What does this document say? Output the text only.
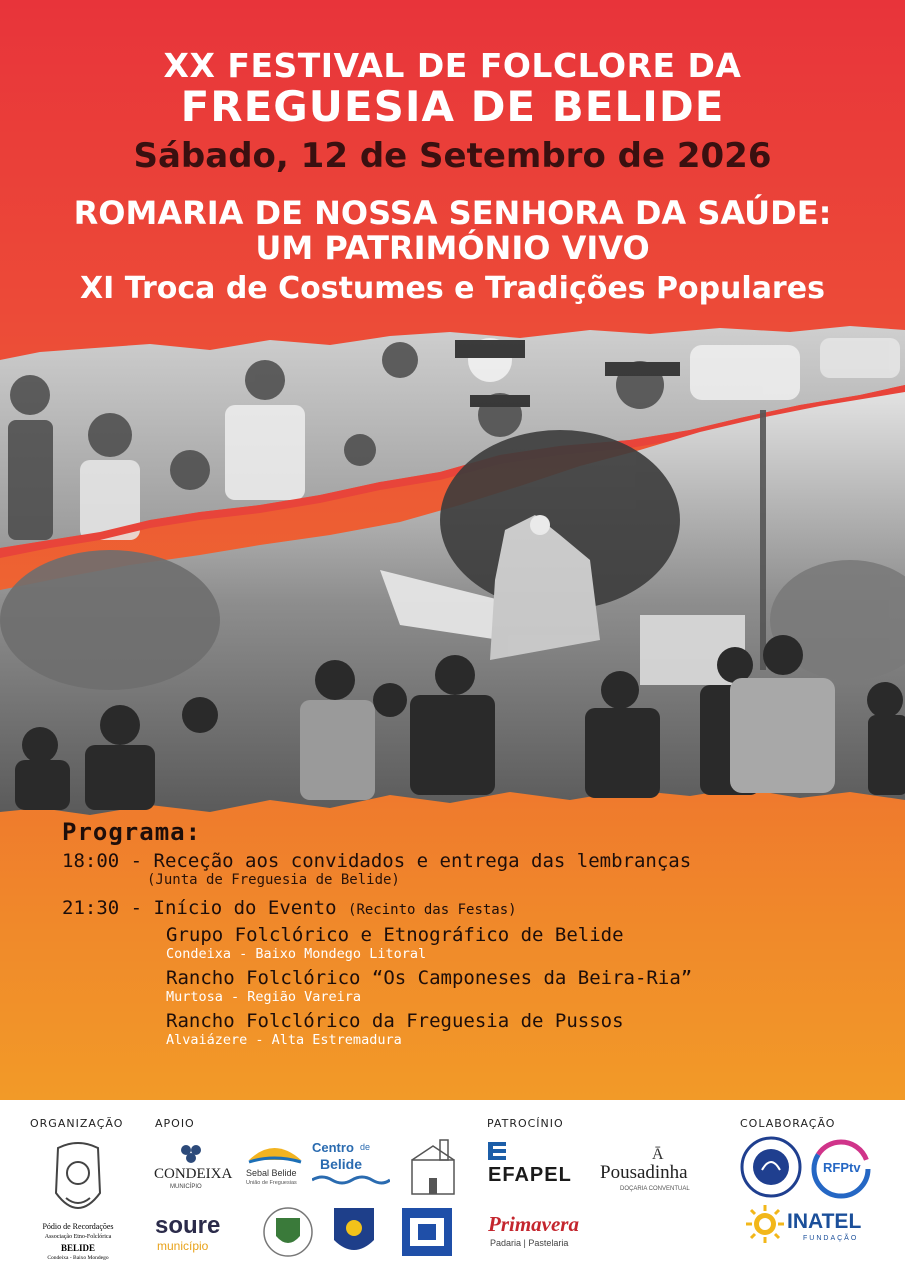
XX FESTIVAL DE FOLCLORE DA
FREGUESIA DE BELIDE
Sábado, 12 de Setembro de 2026
ROMARIA DE NOSSA SENHORA DA SAÚDE:
UM PATRIMÓNIO VIVO
XI Troca de Costumes e Tradições Populares
Programa:
18:00 - Receção aos convidados e entrega das lembranças
(Junta de Freguesia de Belide)
21:30 - Início do Evento (Recinto das Festas)
Grupo Folclórico e Etnográfico de Belide
Condeixa - Baixo Mondego Litoral
Rancho Folclórico “Os Camponeses da Beira-Ria”
Murtosa - Região Vareira
Rancho Folclórico da Freguesia de Pussos
Alvaiázere - Alta Estremadura
ORGANIZAÇÃO	APOIO	PATROCÍNIO	COLABORAÇÃO
Pódio de Recordações
Associação Etno-Folclórica
BELIDE
Condeixa - Baixo Mondego
CONDEIXA
MUNICÍPIO
Sebal Belide
União de Freguesias
Centro de
Belide
soure
município
EFAPEL
Ā
Pousadinha
DOÇARIA CONVENTUAL
Primavera
Padaria | Pastelaria
RFPtv
INATEL
FUNDAÇÃO
